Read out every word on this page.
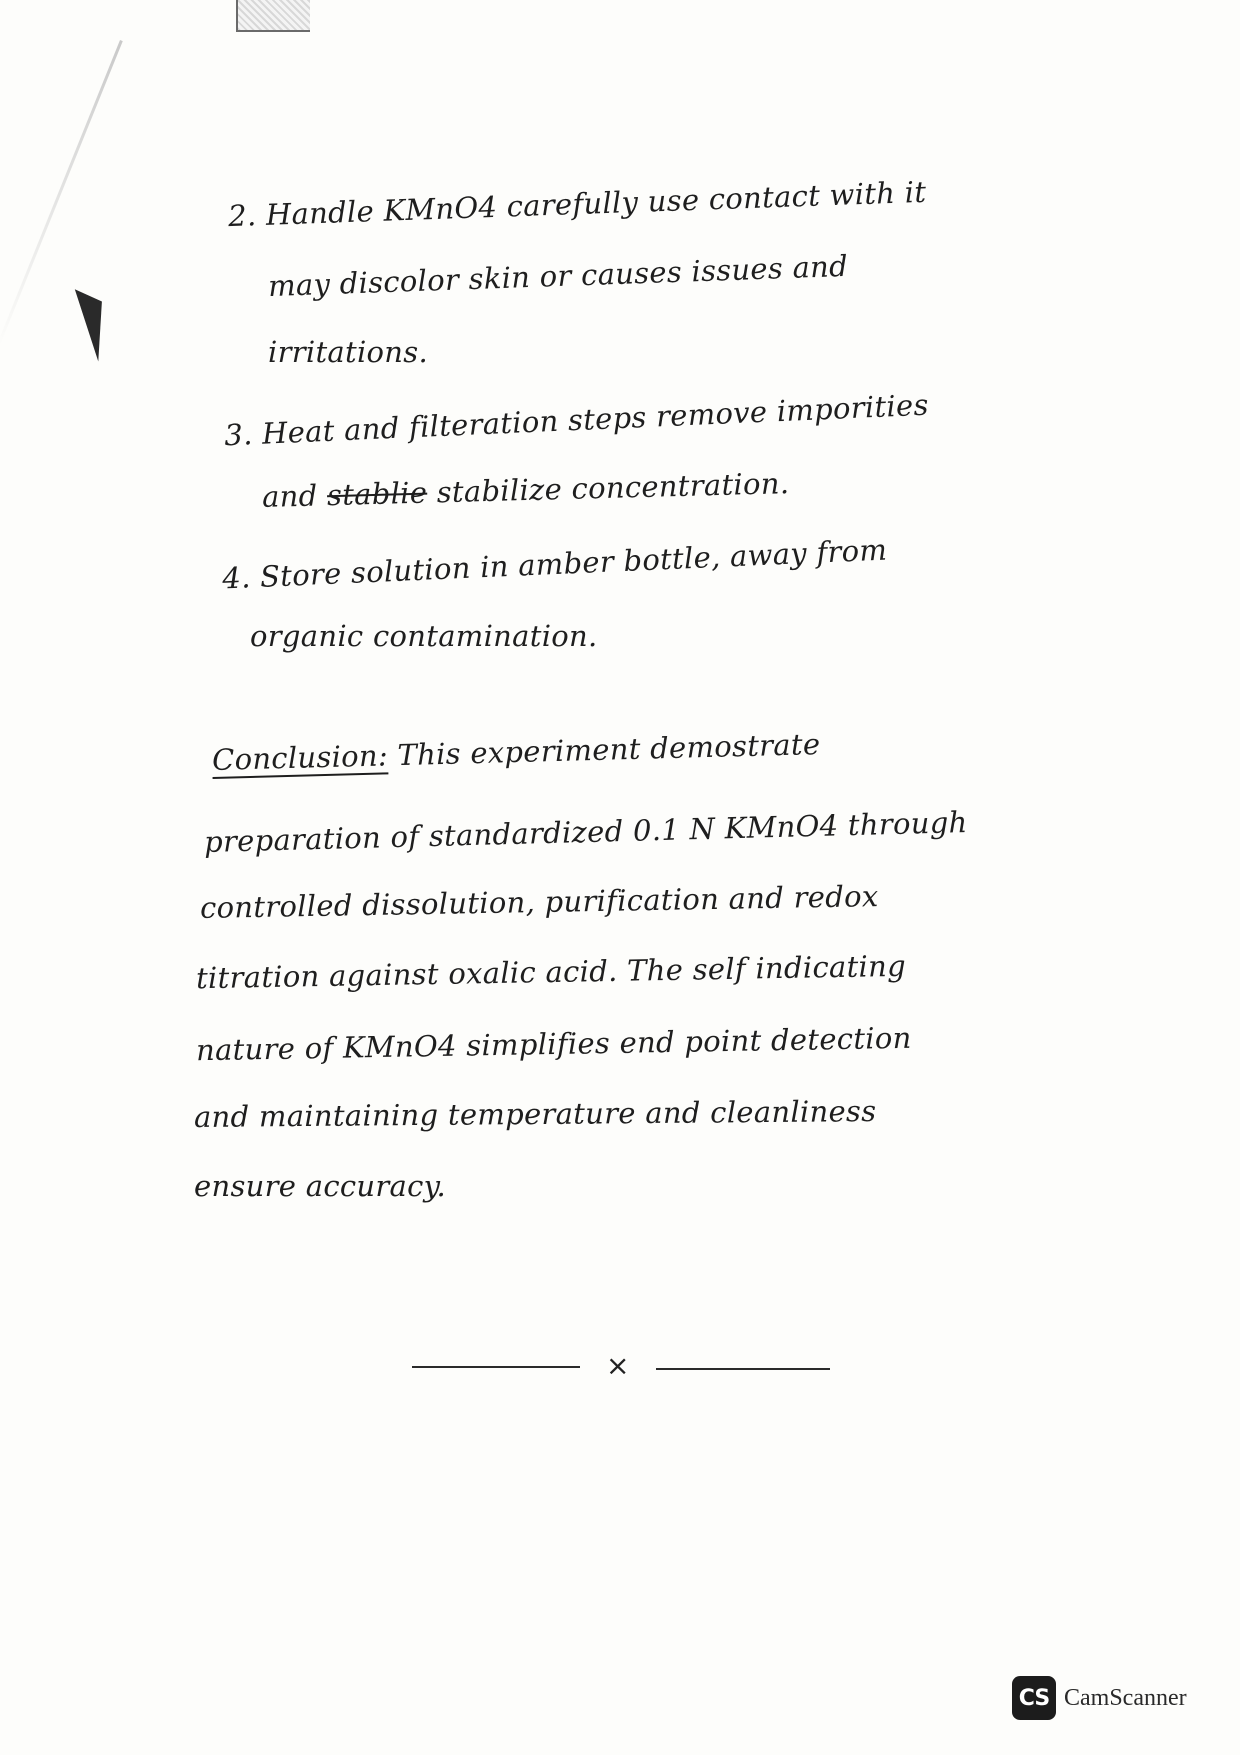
2. Handle KMnO4 carefully use contact with it

may discolor skin or causes issues and

irritations.

3. Heat and filteration steps remove imporities

and stablie stabilize concentration.

4. Store solution in amber bottle, away from

organic contamination.

Conclusion: This experiment demostrate

preparation of standardized 0.1 N KMnO4 through

controlled dissolution, purification and redox

titration against oxalic acid. The self indicating

nature of KMnO4 simplifies end point detection

and maintaining temperature and cleanliness

ensure accuracy.

×
CS CamScanner
